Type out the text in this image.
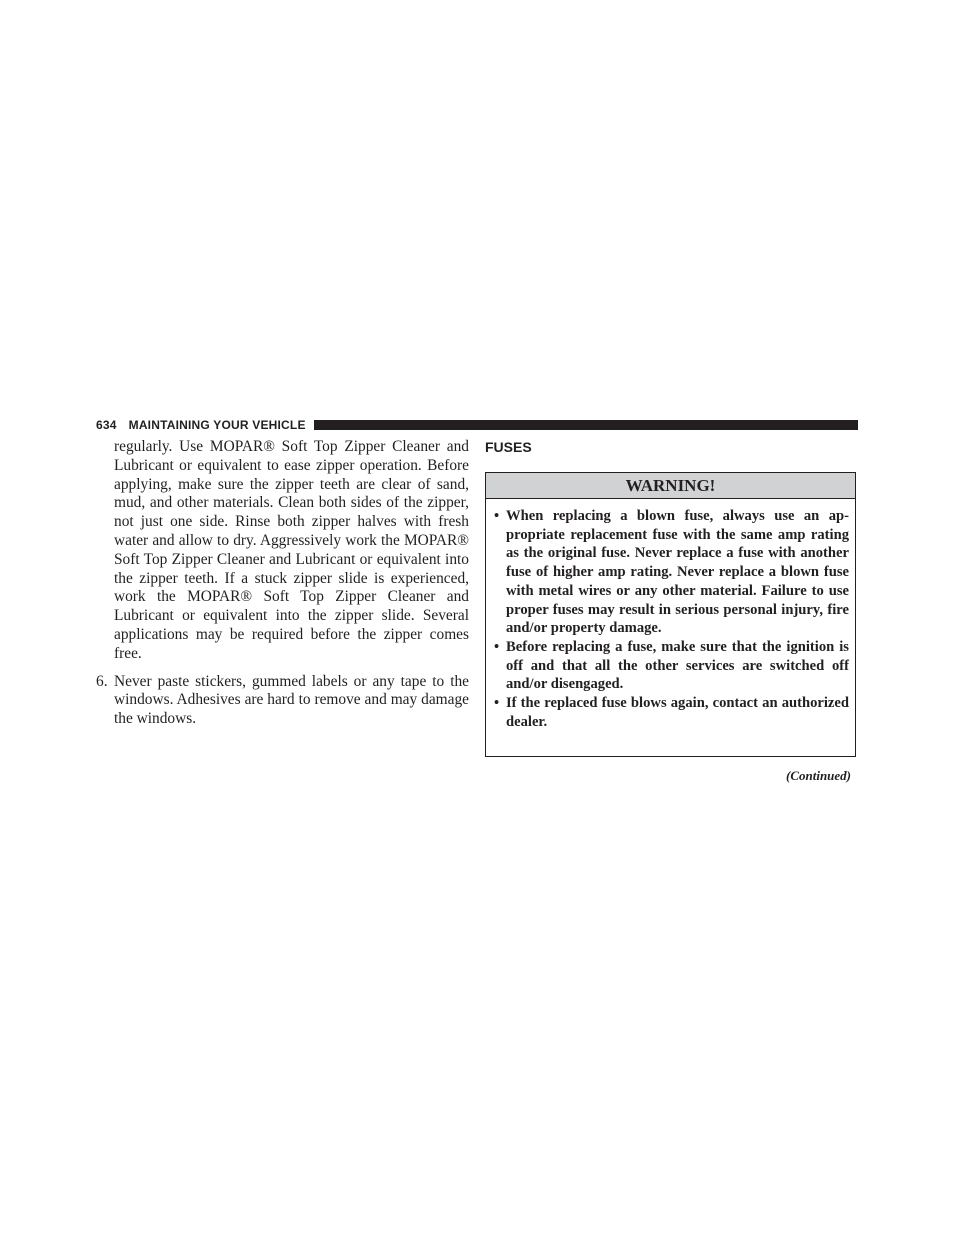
634 MAINTAINING YOUR VEHICLE

regularly. Use MOPAR® Soft Top Zipper Cleaner and Lubricant or equivalent to ease zipper operation. Before applying, make sure the zipper teeth are clear of sand, mud, and other materials. Clean both sides of the zipper, not just one side. Rinse both zipper halves with fresh water and allow to dry. Aggressively work the MOPAR® Soft Top Zipper Cleaner and Lubricant or equivalent into the zipper teeth. If a stuck zipper slide is experienced, work the MOPAR® Soft Top Zipper Cleaner and Lubricant or equivalent into the zipper slide. Several applications may be required before the zipper comes free.

6. Never paste stickers, gummed labels or any tape to the windows. Adhesives are hard to remove and may damage the windows.
FUSES
WARNING!
• When replacing a blown fuse, always use an appropriate replacement fuse with the same amp rating as the original fuse. Never replace a fuse with another fuse of higher amp rating. Never replace a blown fuse with metal wires or any other material. Failure to use proper fuses may result in serious personal injury, fire and/or property damage.
• Before replacing a fuse, make sure that the ignition is off and that all the other services are switched off and/or disengaged.
• If the replaced fuse blows again, contact an authorized dealer.
(Continued)
